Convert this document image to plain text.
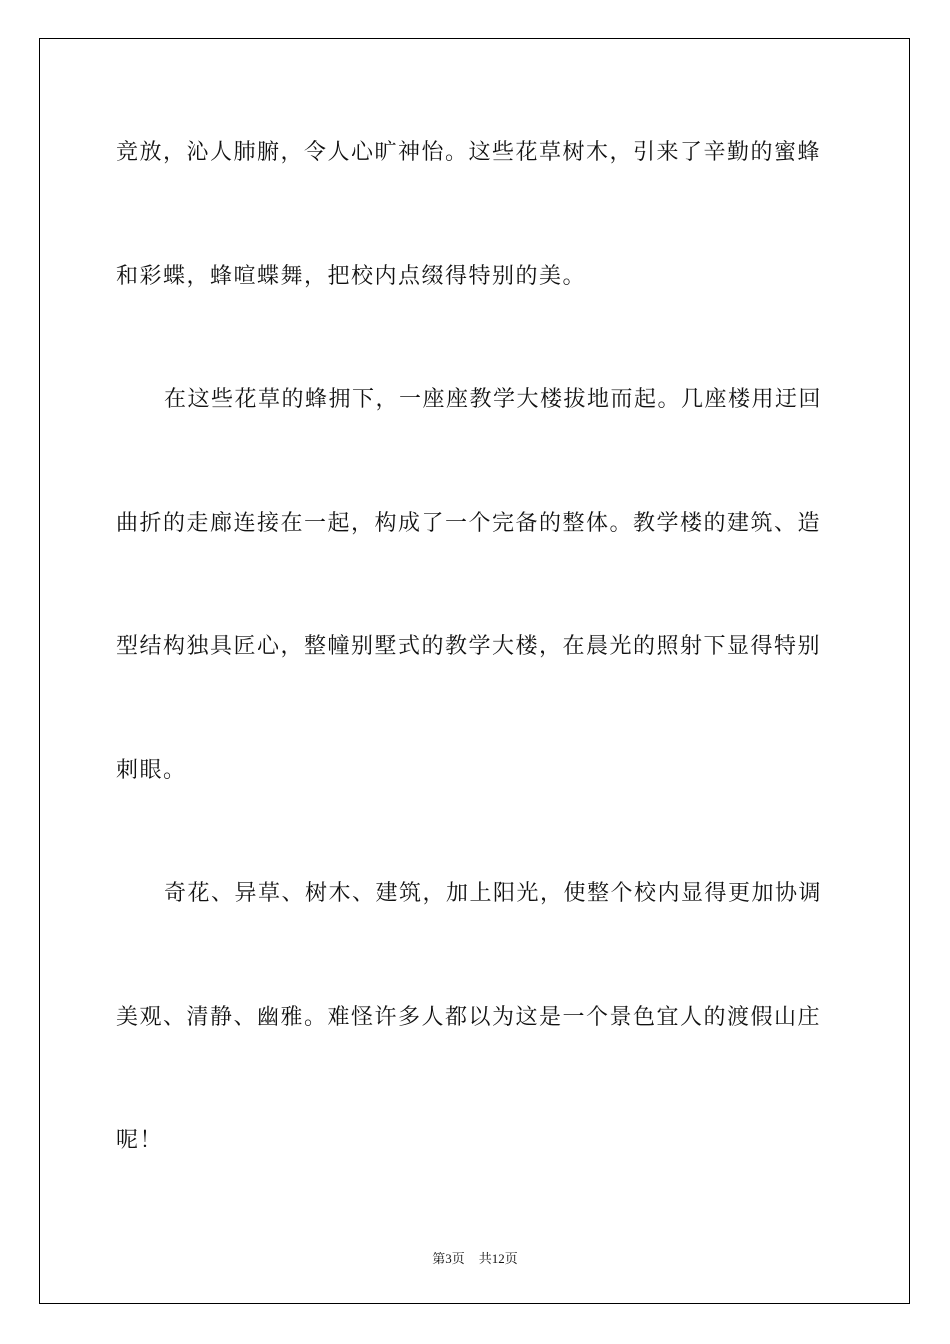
竞放，沁人肺腑，令人心旷神怡。这些花草树木，引来了辛勤的蜜蜂
和彩蝶，蜂喧蝶舞，把校内点缀得特别的美。
在这些花草的蜂拥下，一座座教学大楼拔地而起。几座楼用迂回
曲折的走廊连接在一起，构成了一个完备的整体。教学楼的建筑、造
型结构独具匠心，整幢别墅式的教学大楼，在晨光的照射下显得特别
刺眼。
奇花、异草、树木、建筑，加上阳光，使整个校内显得更加协调
美观、清静、幽雅。难怪许多人都以为这是一个景色宜人的渡假山庄
呢！
第3页 共12页
